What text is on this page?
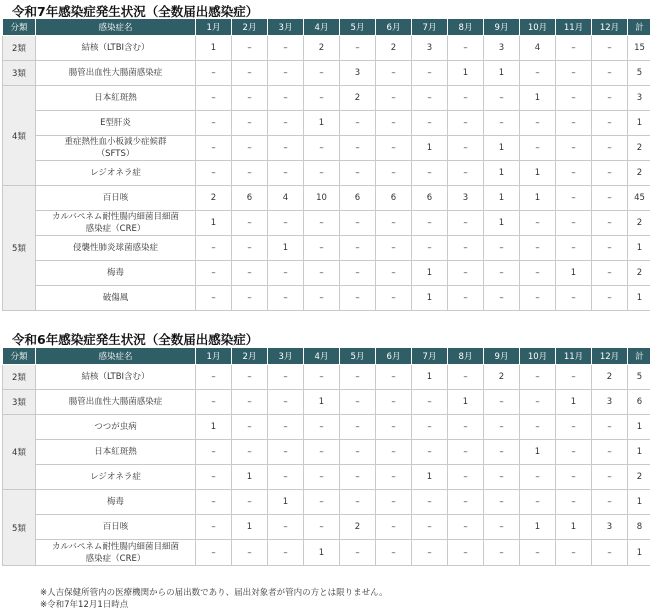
令和7年感染症発生状況（全数届出感染症）
分類	感染症名	1月	2月	3月	4月	5月	6月	7月	8月	9月	10月	11月	12月	計
2類	結核（LTBI含む）	1	–	–	2	–	2	3	–	3	4	–	–	15
3類	腸管出血性大腸菌感染症	–	–	–	–	3	–	–	1	1	–	–	–	5
4類	日本紅斑熱	–	–	–	–	2	–	–	–	–	1	–	–	3
	E型肝炎	–	–	–	1	–	–	–	–	–	–	–	–	1

	重症熱性血小板減少症候群
（SFTS）	–	–	–	–	–	–	1	–	1	–	–	–	2
	レジオネラ症	–	–	–	–	–	–	–	–	1	1	–	–	2
5類	百日咳	2	6	4	10	6	6	6	3	1	1	–	–	45

	カルバペネム耐性腸内細菌目細菌
感染症（CRE）	1	–	–	–	–	–	–	–	1	–	–	–	2
	侵襲性肺炎球菌感染症	–	–	1	–	–	–	–	–	–	–	–	–	1
	梅毒	–	–	–	–	–	–	1	–	–	–	1	–	2
	破傷風	–	–	–	–	–	–	1	–	–	–	–	–	1
令和6年感染症発生状況（全数届出感染症）
分類	感染症名	1月	2月	3月	4月	5月	6月	7月	8月	9月	10月	11月	12月	計
2類	結核（LTBI含む）	–	–	–	–	–	–	1	–	2	–	–	2	5
3類	腸管出血性大腸菌感染症	–	–	–	1	–	–	–	1	–	–	1	3	6
4類	つつが虫病	1	–	–	–	–	–	–	–	–	–	–	–	1
	日本紅斑熱	–	–	–	–	–	–	–	–	–	1	–	–	1
	レジオネラ症	–	1	–	–	–	–	1	–	–	–	–	–	2
5類	梅毒	–	–	1	–	–	–	–	–	–	–	–	–	1
	百日咳	–	1	–	–	2	–	–	–	–	1	1	3	8

	カルバペネム耐性腸内細菌目細菌
感染症（CRE）	–	–	–	1	–	–	–	–	–	–	–	–	1
※人吉保健所管内の医療機関からの届出数であり、届出対象者が管内の方とは限りません。
※令和7年12月1日時点
